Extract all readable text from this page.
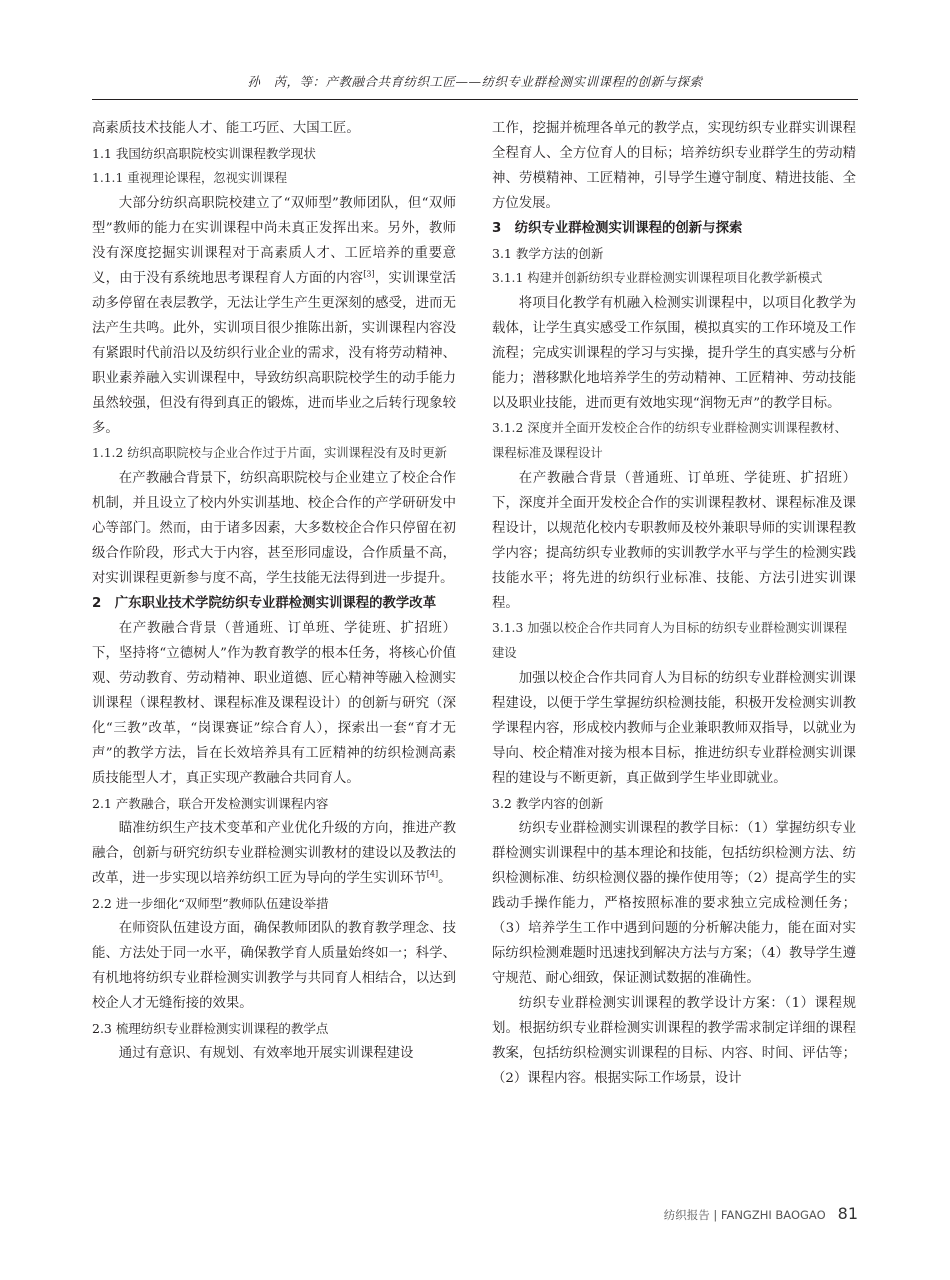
孙　芮，等：产教融合共育纺织工匠——纺织专业群检测实训课程的创新与探索

高素质技术技能人才、能工巧匠、大国工匠。

1.1 我国纺织高职院校实训课程教学现状
1.1.1 重视理论课程，忽视实训课程

大部分纺织高职院校建立了“双师型”教师团队，但“双师型”教师的能力在实训课程中尚未真正发挥出来。另外，教师没有深度挖掘实训课程对于高素质人才、工匠培养的重要意义，由于没有系统地思考课程育人方面的内容[3]，实训课堂活动多停留在表层教学，无法让学生产生更深刻的感受，进而无法产生共鸣。此外，实训项目很少推陈出新，实训课程内容没有紧跟时代前沿以及纺织行业企业的需求，没有将劳动精神、职业素养融入实训课程中，导致纺织高职院校学生的动手能力虽然较强，但没有得到真正的锻炼，进而毕业之后转行现象较多。

1.1.2 纺织高职院校与企业合作过于片面，实训课程没有及时更新

在产教融合背景下，纺织高职院校与企业建立了校企合作机制，并且设立了校内外实训基地、校企合作的产学研研发中心等部门。然而，由于诸多因素，大多数校企合作只停留在初级合作阶段，形式大于内容，甚至形同虚设，合作质量不高，对实训课程更新参与度不高，学生技能无法得到进一步提升。

2　广东职业技术学院纺织专业群检测实训课程的教学改革

在产教融合背景（普通班、订单班、学徒班、扩招班）下，坚持将“立德树人”作为教育教学的根本任务，将核心价值观、劳动教育、劳动精神、职业道德、匠心精神等融入检测实训课程（课程教材、课程标准及课程设计）的创新与研究（深化“三教”改革，“岗课赛证”综合育人），探索出一套“育才无声”的教学方法，旨在长效培养具有工匠精神的纺织检测高素质技能型人才，真正实现产教融合共同育人。

2.1 产教融合，联合开发检测实训课程内容

瞄准纺织生产技术变革和产业优化升级的方向，推进产教融合，创新与研究纺织专业群检测实训教材的建设以及教法的改革，进一步实现以培养纺织工匠为导向的学生实训环节[4]。

2.2 进一步细化“双师型”教师队伍建设举措

在师资队伍建设方面，确保教师团队的教育教学理念、技能、方法处于同一水平，确保教学育人质量始终如一；科学、有机地将纺织专业群检测实训教学与共同育人相结合，以达到校企人才无缝衔接的效果。

2.3 梳理纺织专业群检测实训课程的教学点

通过有意识、有规划、有效率地开展实训课程建设

工作，挖掘并梳理各单元的教学点，实现纺织专业群实训课程全程育人、全方位育人的目标；培养纺织专业群学生的劳动精神、劳模精神、工匠精神，引导学生遵守制度、精进技能、全方位发展。

3　纺织专业群检测实训课程的创新与探索
3.1 教学方法的创新
3.1.1 构建并创新纺织专业群检测实训课程项目化教学新模式

将项目化教学有机融入检测实训课程中，以项目化教学为载体，让学生真实感受工作氛围，模拟真实的工作环境及工作流程；完成实训课程的学习与实操，提升学生的真实感与分析能力；潜移默化地培养学生的劳动精神、工匠精神、劳动技能以及职业技能，进而更有效地实现“润物无声”的教学目标。

3.1.2 深度并全面开发校企合作的纺织专业群检测实训课程教材、课程标准及课程设计

在产教融合背景（普通班、订单班、学徒班、扩招班）下，深度并全面开发校企合作的实训课程教材、课程标准及课程设计，以规范化校内专职教师及校外兼职导师的实训课程教学内容；提高纺织专业教师的实训教学水平与学生的检测实践技能水平；将先进的纺织行业标准、技能、方法引进实训课程。

3.1.3 加强以校企合作共同育人为目标的纺织专业群检测实训课程建设

加强以校企合作共同育人为目标的纺织专业群检测实训课程建设，以便于学生掌握纺织检测技能，积极开发检测实训教学课程内容，形成校内教师与企业兼职教师双指导，以就业为导向、校企精准对接为根本目标，推进纺织专业群检测实训课程的建设与不断更新，真正做到学生毕业即就业。

3.2 教学内容的创新

纺织专业群检测实训课程的教学目标：（1）掌握纺织专业群检测实训课程中的基本理论和技能，包括纺织检测方法、纺织检测标准、纺织检测仪器的操作使用等；（2）提高学生的实践动手操作能力，严格按照标准的要求独立完成检测任务；（3）培养学生工作中遇到问题的分析解决能力，能在面对实际纺织检测难题时迅速找到解决方法与方案；（4）教导学生遵守规范、耐心细致，保证测试数据的准确性。

纺织专业群检测实训课程的教学设计方案：（1）课程规划。根据纺织专业群检测实训课程的教学需求制定详细的课程教案，包括纺织检测实训课程的目标、内容、时间、评估等；（2）课程内容。根据实际工作场景，设计

纺织报告 | FANGZHI BAOGAO 81
